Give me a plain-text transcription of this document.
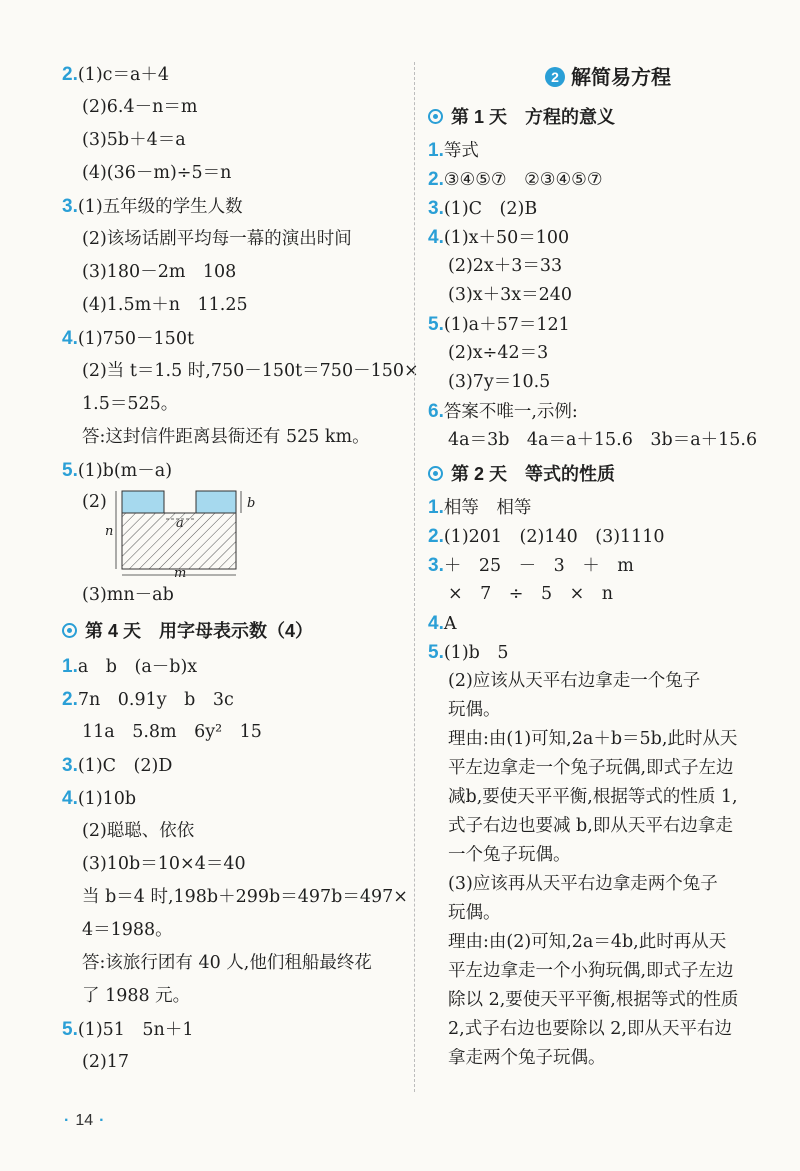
2.(1)c＝a＋4
(2)6.4－n＝m
(3)5b＋4＝a
(4)(36－m)÷5＝n
3.(1)五年级的学生人数
(2)该场话剧平均每一幕的演出时间
(3)180－2m　108
(4)1.5m＋n　11.25
4.(1)750－150t
(2)当 t＝1.5 时,750－150t＝750－150×
1.5＝525。
答:这封信件距离县衙还有 525 km。
5.(1)b(m－a)
(2)	b
a
n
m
(3)mn－ab
第 4 天　用字母表示数（4）
1.a　b　(a－b)x
2.7n　0.91y　b　3c
11a　5.8m　6y²　15
3.(1)C　(2)D
4.(1)10b
(2)聪聪、依依
(3)10b＝10×4＝40
当 b＝4 时,198b＋299b＝497b＝497×
4＝1988。
答:该旅行团有 40 人,他们租船最终花
了 1988 元。
5.(1)51　5n＋1
(2)17
2 解简易方程
第 1 天　方程的意义
1.等式
2.③④⑤⑦　②③④⑤⑦
3.(1)C　(2)B
4.(1)x＋50＝100
(2)2x＋3＝33
(3)x＋3x＝240
5.(1)a＋57＝121
(2)x÷42＝3
(3)7y＝10.5
6.答案不唯一,示例:
4a＝3b　4a＝a＋15.6　3b＝a＋15.6
第 2 天　等式的性质
1.相等　相等
2.(1)201　(2)140　(3)1110
3.＋　25　－　3　＋　m
×　7　÷　5　×　n
4.A
5.(1)b　5
(2)应该从天平右边拿走一个兔子
玩偶。
理由:由(1)可知,2a＋b＝5b,此时从天
平左边拿走一个兔子玩偶,即式子左边
减b,要使天平平衡,根据等式的性质 1,
式子右边也要减 b,即从天平右边拿走
一个兔子玩偶。
(3)应该再从天平右边拿走两个兔子
玩偶。
理由:由(2)可知,2a＝4b,此时再从天
平左边拿走一个小狗玩偶,即式子左边
除以 2,要使天平平衡,根据等式的性质
2,式子右边也要除以 2,即从天平右边
拿走两个兔子玩偶。
· 14 ·
